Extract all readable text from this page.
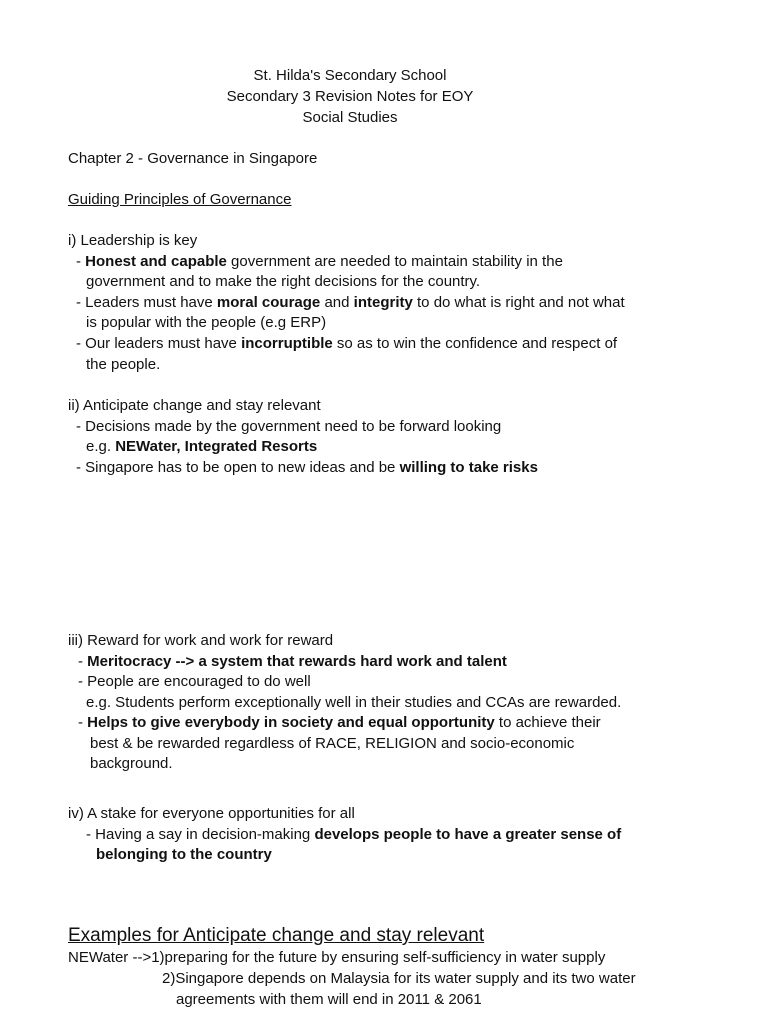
St. Hilda's Secondary School
Secondary 3 Revision Notes for EOY
Social Studies
Chapter 2 - Governance in Singapore
Guiding Principles of Governance
i) Leadership is key
- Honest and capable government are needed to maintain stability in the
government and to make the right decisions for the country.
- Leaders must have moral courage and integrity to do what is right and not what
is popular with the people (e.g ERP)
- Our leaders must have incorruptible so as to win the confidence and respect of
the people.
ii) Anticipate change and stay relevant
- Decisions made by the government need to be forward looking
e.g. NEWater, Integrated Resorts
- Singapore has to be open to new ideas and be willing to take risks
iii) Reward for work and work for reward
- Meritocracy --> a system that rewards hard work and talent
- People are encouraged to do well
e.g. Students perform exceptionally well in their studies and CCAs are rewarded.
- Helps to give everybody in society and equal opportunity to achieve their
best & be rewarded regardless of RACE, RELIGION and socio-economic
background.
iv) A stake for everyone opportunities for all
- Having a say in decision-making develops people to have a greater sense of
belonging to the country
Examples for Anticipate change and stay relevant
NEWater -->1)preparing for the future by ensuring self-sufficiency in water supply
2)Singapore depends on Malaysia for its water supply and its two water
agreements with them will end in 2011 & 2061
